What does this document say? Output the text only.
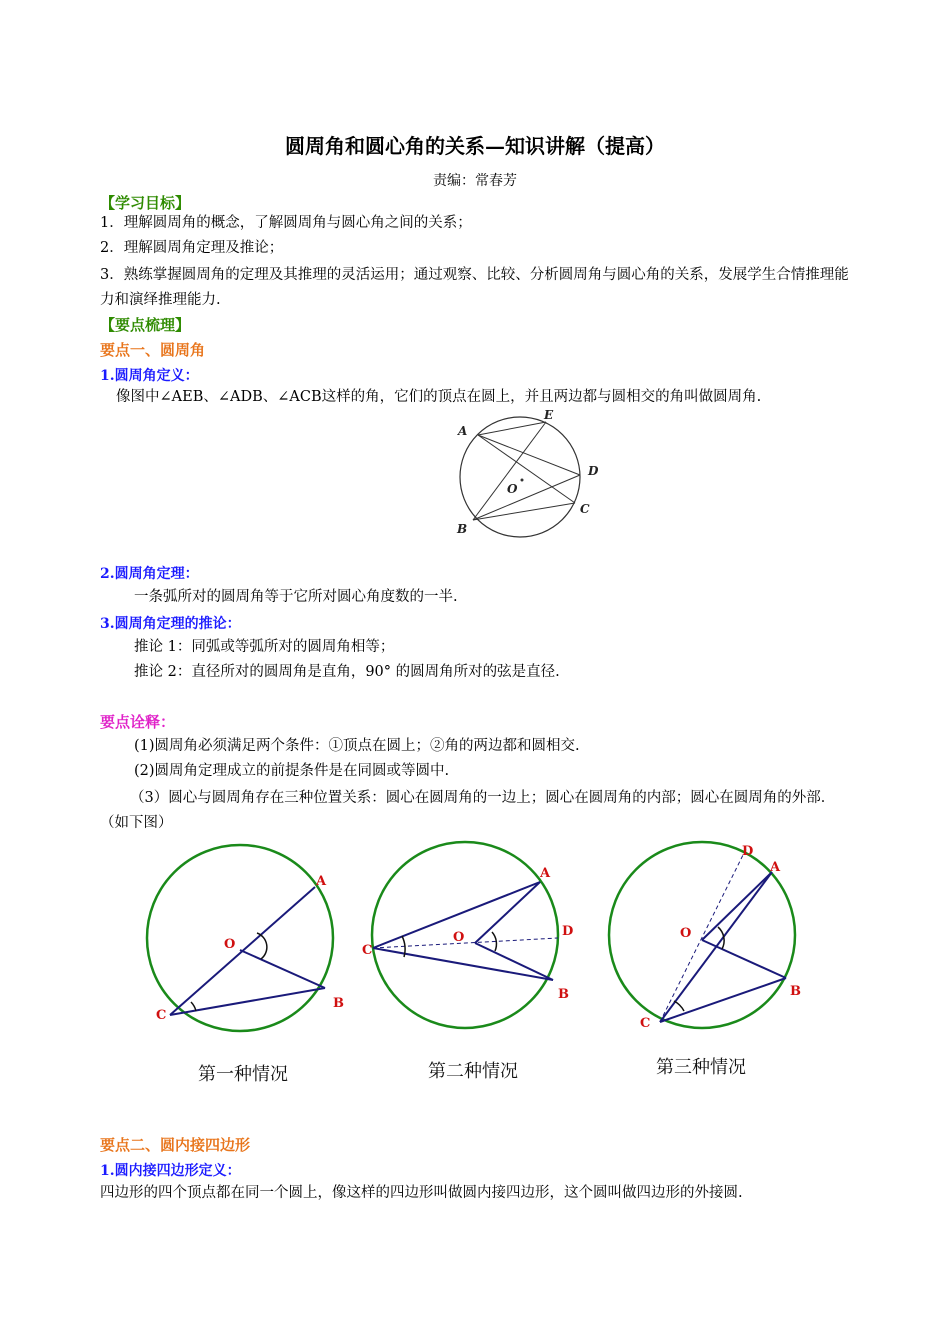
圆周角和圆心角的关系—知识讲解（提高）
责编：常春芳
【学习目标】
1．理解圆周角的概念，了解圆周角与圆心角之间的关系；
2．理解圆周角定理及推论；
3．熟练掌握圆周角的定理及其推理的灵活运用；通过观察、比较、分析圆周角与圆心角的关系，发展学生合情推理能力和演绎推理能力.
【要点梳理】
要点一、圆周角
1.圆周角定义：
像图中∠AEB、∠ADB、∠ACB这样的角，它们的顶点在圆上，并且两边都与圆相交的角叫做圆周角.
A
E
D
O
C
B
2.圆周角定理：
一条弧所对的圆周角等于它所对圆心角度数的一半.
3.圆周角定理的推论：
推论 1：同弧或等弧所对的圆周角相等；
推论 2：直径所对的圆周角是直角，90° 的圆周角所对的弦是直径.
要点诠释：
(1)圆周角必须满足两个条件：①顶点在圆上；②角的两边都和圆相交.
(2)圆周角定理成立的前提条件是在同圆或等圆中.
（3）圆心与圆周角存在三种位置关系：圆心在圆周角的一边上；圆心在圆周角的内部；圆心在圆周角的外部．（如下图）
A
O
C
B
第一种情况
A
O
C
B
D
第二种情况
A
O
C
B
D
第三种情况
要点二、圆内接四边形
1.圆内接四边形定义：
四边形的四个顶点都在同一个圆上，像这样的四边形叫做圆内接四边形，这个圆叫做四边形的外接圆.
